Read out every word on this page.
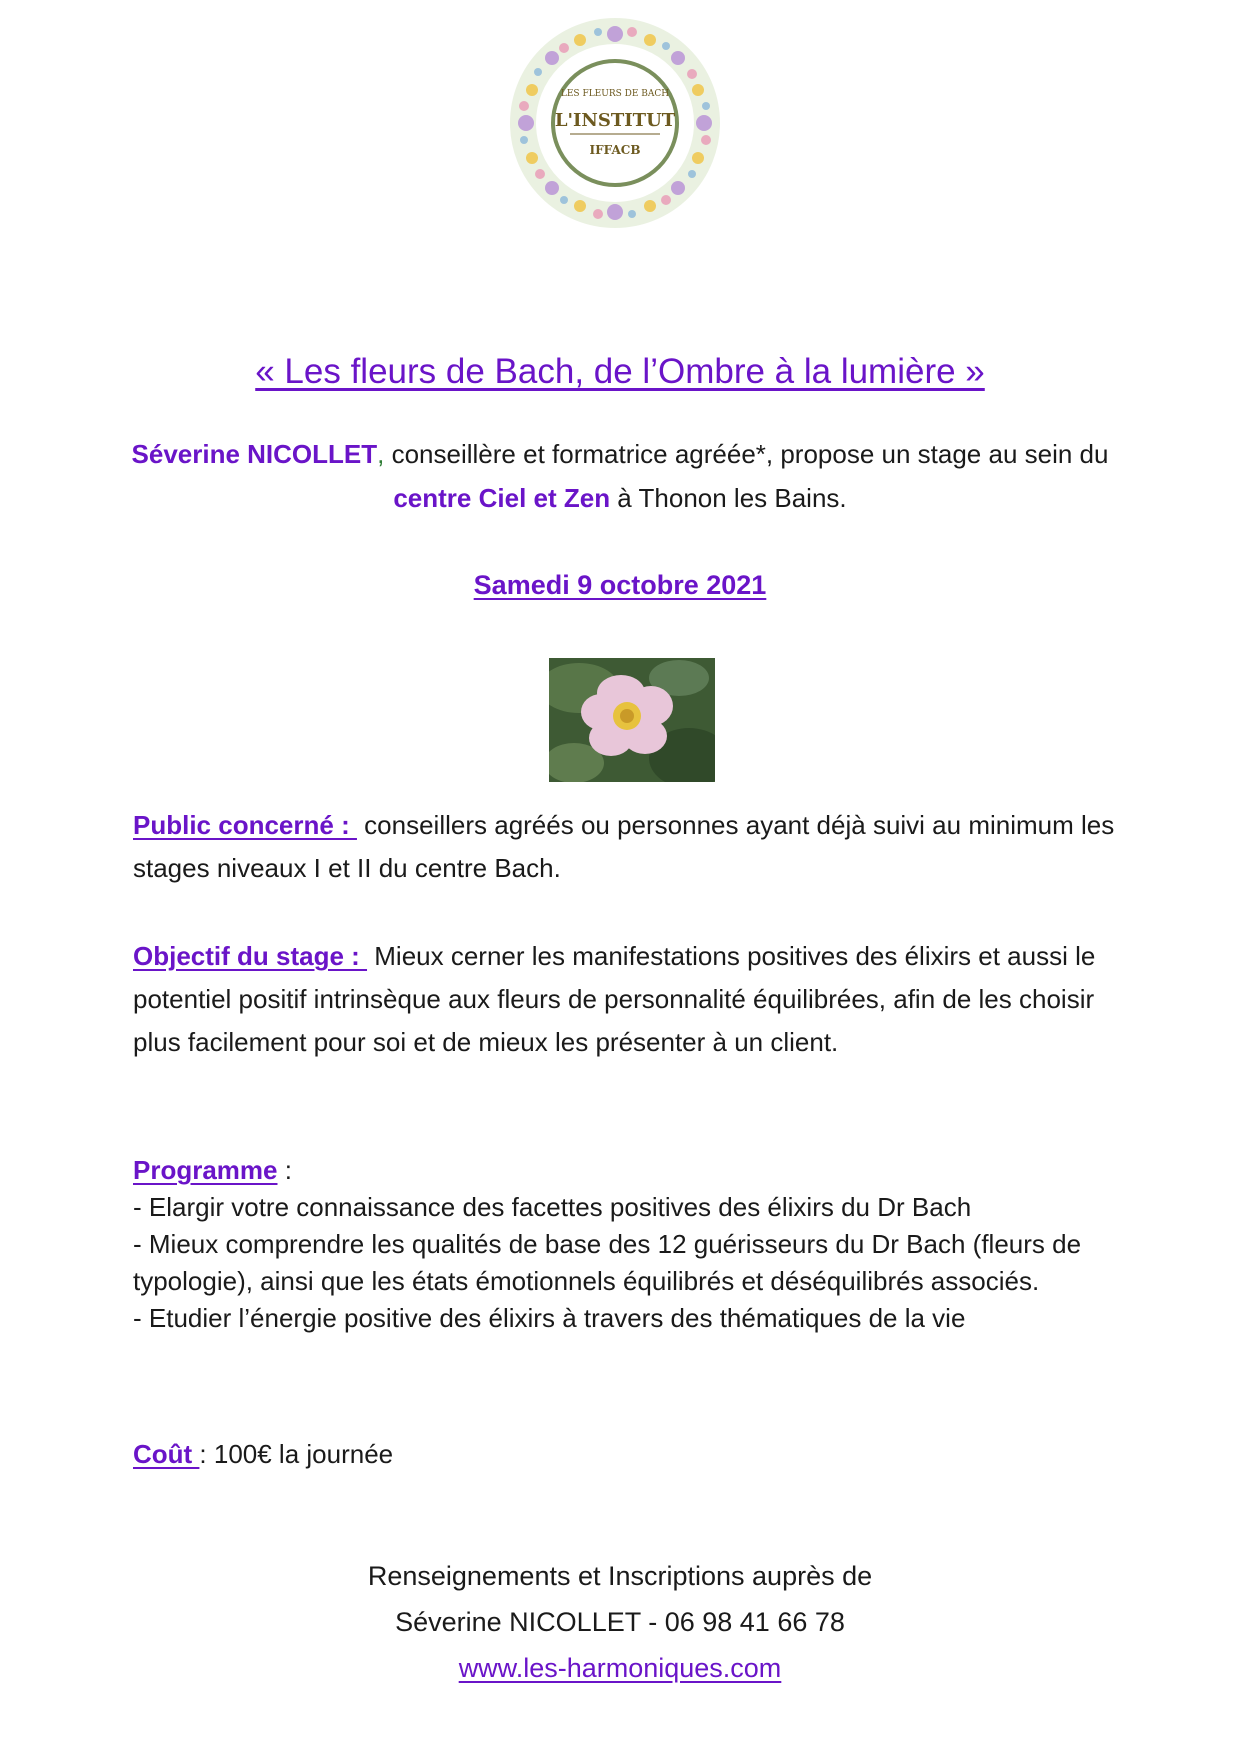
LES FLEURS DE BACH
L'INSTITUT
IFFACB
« Les fleurs de Bach, de l’Ombre à la lumière »
Séverine NICOLLET, conseillère et formatrice agréée*, propose un stage au sein du centre Ciel et Zen à Thonon les Bains.
Samedi 9 octobre 2021
Public concerné :  conseillers agréés ou personnes ayant déjà suivi au minimum les stages niveaux I et II du centre Bach.
Objectif du stage :  Mieux cerner les manifestations positives des élixirs et aussi le potentiel positif intrinsèque aux fleurs de personnalité équilibrées, afin de les choisir plus facilement pour soi et de mieux les présenter à un client.
Programme :
- Elargir votre connaissance des facettes positives des élixirs du Dr Bach
- Mieux comprendre les qualités de base des 12 guérisseurs du Dr Bach (fleurs de typologie), ainsi que les états émotionnels équilibrés et déséquilibrés associés.
- Etudier l’énergie positive des élixirs à travers des thématiques de la vie
Coût : 100€ la journée
Renseignements et Inscriptions auprès de
Séverine NICOLLET - 06 98 41 66 78
www.les-harmoniques.com
